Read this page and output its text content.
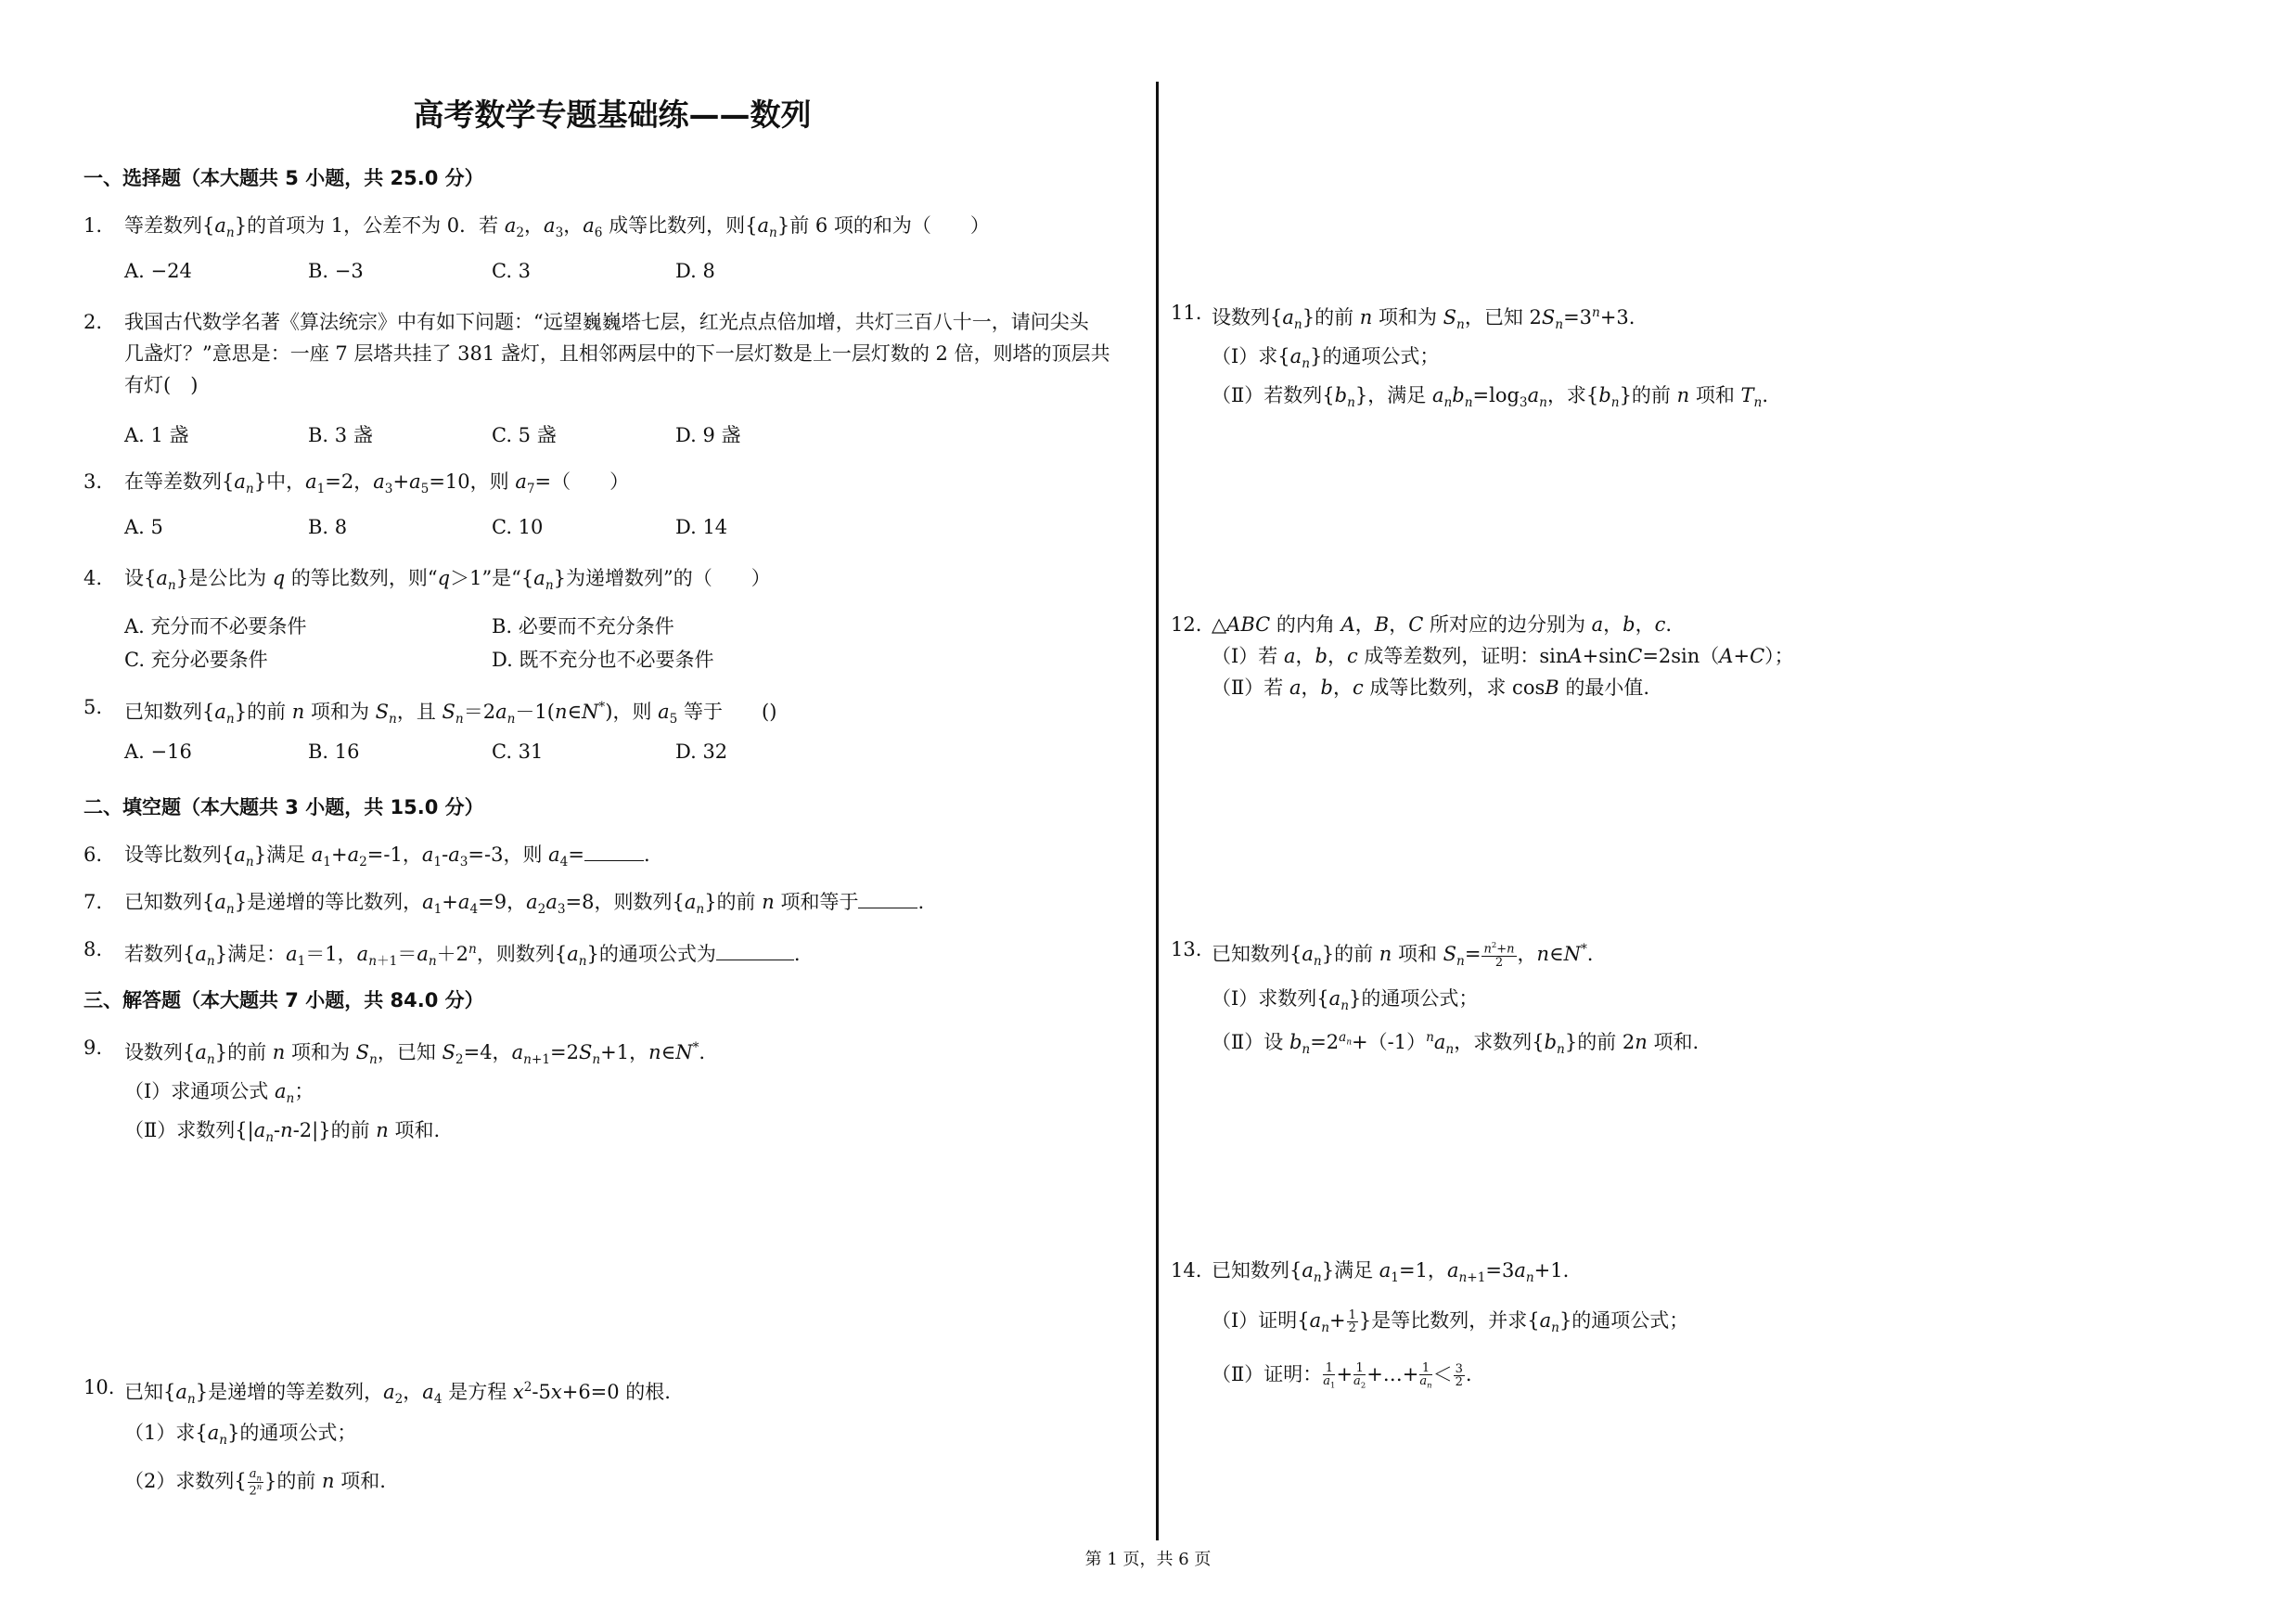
高考数学专题基础练——数列
一、选择题（本大题共 5 小题，共 25.0 分）
1.	等差数列$\{a_n\}$的首项为 1，公差不为 0．若 $a_2$，$a_3$，$a_6$ 成等比数列，则$\{a_n\}$前 6 项的和为（　　）
A. −24	B. −3	C. 3	D. 8
2.	我国古代数学名著《算法统宗》中有如下问题：“远望巍巍塔七层，红光点点倍加增，共灯三百八十一，请问尖头
几盏灯？”意思是：一座 7 层塔共挂了 381 盏灯，且相邻两层中的下一层灯数是上一层灯数的 2 倍，则塔的顶层共
有灯(　)
A. 1 盏	B. 3 盏	C. 5 盏	D. 9 盏
3.	在等差数列$\{a_n\}$中，$a_1=2$，$a_3+a_5=10$，则 $a_7=$（　　）
A. 5	B. 8	C. 10	D. 14
4.	设$\{a_n\}$是公比为 q 的等比数列，则“q＞1”是“$\{a_n\}$为递增数列”的（　　）
A. 充分而不必要条件	B. 必要而不充分条件
C. 充分必要条件	D. 既不充分也不必要条件
5.	已知数列$\{a_n\}$的前 n 项和为 $S_n$，且 $S_n=2a_n-1(n\in N^*)$，则 $a_5$ 等于　　()
A. −16	B. 16	C. 31	D. 32
二、填空题（本大题共 3 小题，共 15.0 分）
6.	设等比数列$\{a_n\}$满足 $a_1+a_2=-1$，$a_1-a_3=-3$，则 $a_4=$	.
7.	已知数列$\{a_n\}$是递增的等比数列，$a_1+a_4=9$，$a_2a_3=8$，则数列$\{a_n\}$的前 n 项和等于	.
8.	若数列$\{a_n\}$满足：$a_1=1$，$a_{n+1}=a_n+2^n$，则数列$\{a_n\}$的通项公式为	.
三、解答题（本大题共 7 小题，共 84.0 分）
9.	设数列$\{a_n\}$的前 n 项和为 $S_n$，已知 $S_2=4$，$a_{n+1}=2S_n+1$，n∈N*.
（Ⅰ）求通项公式 $a_n$；
（Ⅱ）求数列$\{|a_n-n-2|\}$的前 n 项和.
10. 已知$\{a_n\}$是递增的等差数列，$a_2$，$a_4$ 是方程 $x^2-5x+6=0$ 的根.
（1）求$\{a_n\}$的通项公式；
（2）求数列{ $\frac{a_n}{2^n}$ }的前 n 项和.
11. 设数列$\{a_n\}$的前 n 项和为 $S_n$，已知 $2S_n=3^n+3$.
（Ⅰ）求$\{a_n\}$的通项公式；
（Ⅱ）若数列$\{b_n\}$，满足 $a_nb_n=\log_3a_n$，求$\{b_n\}$的前 n 项和 $T_n$.
12. △ABC 的内角 A，B，C 所对应的边分别为 a，b，c.
（Ⅰ）若 a，b，c 成等差数列，证明：sinA+sinC=2sin（A+C）；
（Ⅱ）若 a，b，c 成等比数列，求 cosB 的最小值.
13. 已知数列$\{a_n\}$的前 n 项和 $S_n= \frac{n^2+n}{2}$ ，n∈N*.
（Ⅰ）求数列$\{a_n\}$的通项公式；
（Ⅱ）设 $b_n=2^{a_n}+(-1)^na_n$，求数列$\{b_n\}$的前 2n 项和.
14. 已知数列$\{a_n\}$满足 $a_1=1$，$a_{n+1}=3a_n+1$.
（Ⅰ）证明{$a_n+ \frac{1}{2}$ }是等比数列，并求$\{a_n\}$的通项公式；
（Ⅱ）证明： $\frac{1}{a_1} + \frac{1}{a_2}$ +…+ $\frac{1}{a_n} < \frac{3}{2}$ .
第 1 页，共 6 页
